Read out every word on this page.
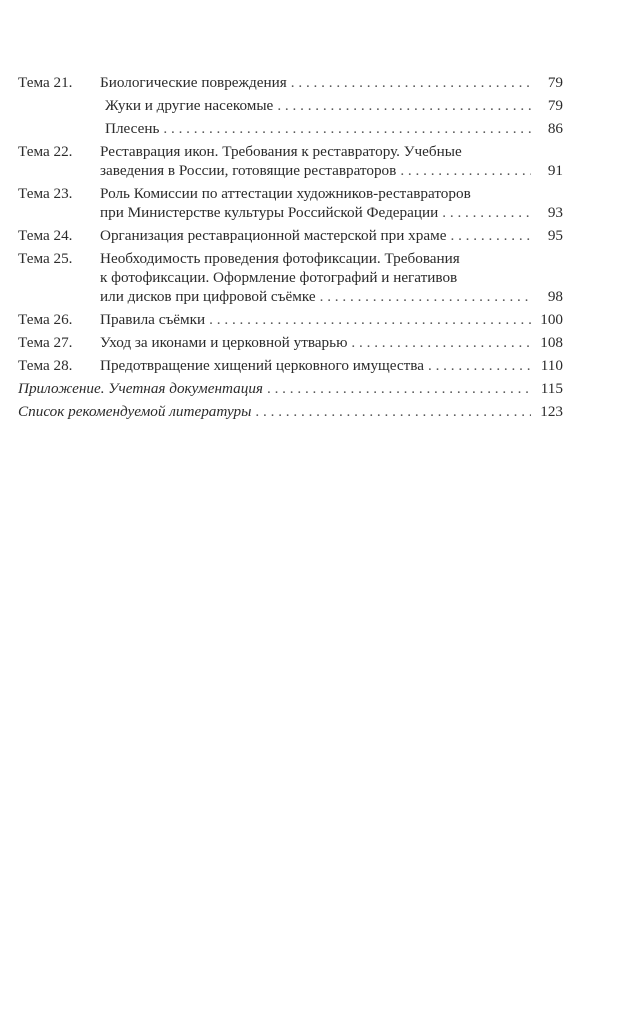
Тема 21.	Биологические повреждения . . .	79
Жуки и другие насекомые . . .	79
Плесень . . .	86
Тема 22.	Реставрация икон. Требования к реставратору. Учебные
заведения в России, готовящие реставраторов . . .	91
Тема 23.	Роль Комиссии по аттестации художников-реставраторов
при Министерстве культуры Российской Федерации . . .	93
Тема 24.	Организация реставрационной мастерской при храме . . .	95
Тема 25.	Необходимость проведения фотофиксации. Требования
к фотофиксации. Оформление фотографий и негативов
или дисков при цифровой съёмке . . .	98
Тема 26.	Правила съёмки . . .	100
Тема 27.	Уход за иконами и церковной утварью . . .	108
Тема 28.	Предотвращение хищений церковного имущества . . .	110
Приложение. Учетная документация . . .	115
Список рекомендуемой литературы . . .	123
